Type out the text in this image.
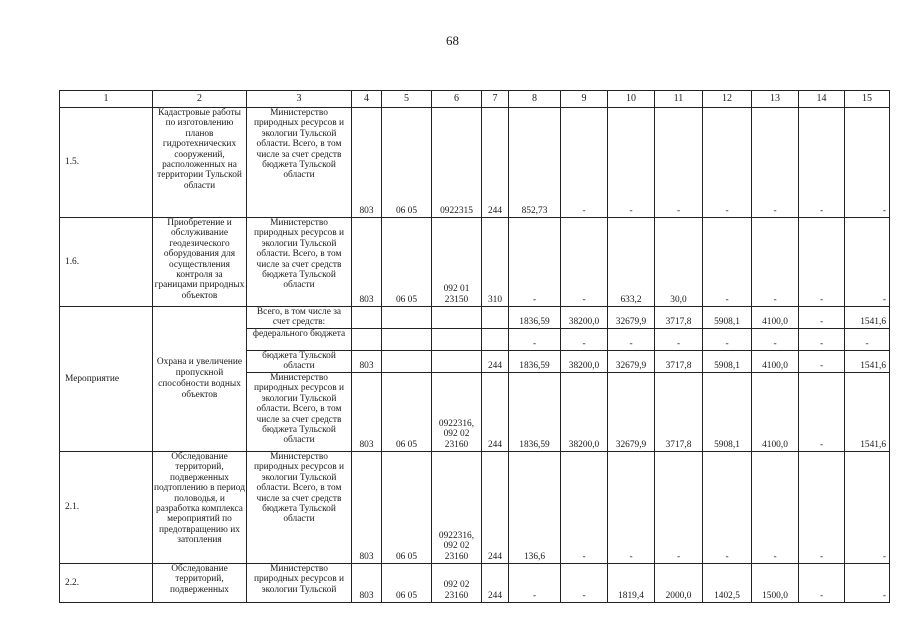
68
1	2	3	4	5	6	7	8	9	10	11	12	13	14	15
1.5.	Кадастровые работы по изготовлению планов гидротехнических сооружений, расположенных на территории Тульской области	Министерство природных ресурсов и экологии Тульской области. Всего, в том числе за счет средств бюджета Тульской области	803	06 05	0922315	244	852,73	-	-	-	-	-	-	-
1.6.	Приобретение и обслуживание геодезического оборудования для осуществления контроля за границами природных объектов	Министерство природных ресурсов и экологии Тульской области. Всего, в том числе за счет средств бюджета Тульской области	803	06 05	092 01 23150	310	-	-	633,2	30,0	-	-	-	-
Мероприятие	Охрана и увеличение пропускной способности водных объектов	Всего, в том числе за счет средств:					1836,59	38200,0	32679,9	3717,8	5908,1	4100,0	-	1541,6
		федерального бюджета					-	-	-	-	-	-	-	-
		бюджета Тульской области	803			244	1836,59	38200,0	32679,9	3717,8	5908,1	4100,0	-	1541,6
		Министерство природных ресурсов и экологии Тульской области. Всего, в том числе за счет средств бюджета Тульской области	803	06 05	0922316, 092 02 23160	244	1836,59	38200,0	32679,9	3717,8	5908,1	4100,0	-	1541,6
2.1.	Обследование территорий, подверженных подтоплению в период половодья, и разработка комплекса мероприятий по предотвращению их затопления	Министерство природных ресурсов и экологии Тульской области. Всего, в том числе за счет средств бюджета Тульской области	803	06 05	0922316, 092 02 23160	244	136,6	-	-	-	-	-	-	-
2.2.	Обследование территорий, подверженных	Министерство природных ресурсов и экологии Тульской	803	06 05	092 02 23160	244	-	-	1819,4	2000,0	1402,5	1500,0	-	-
